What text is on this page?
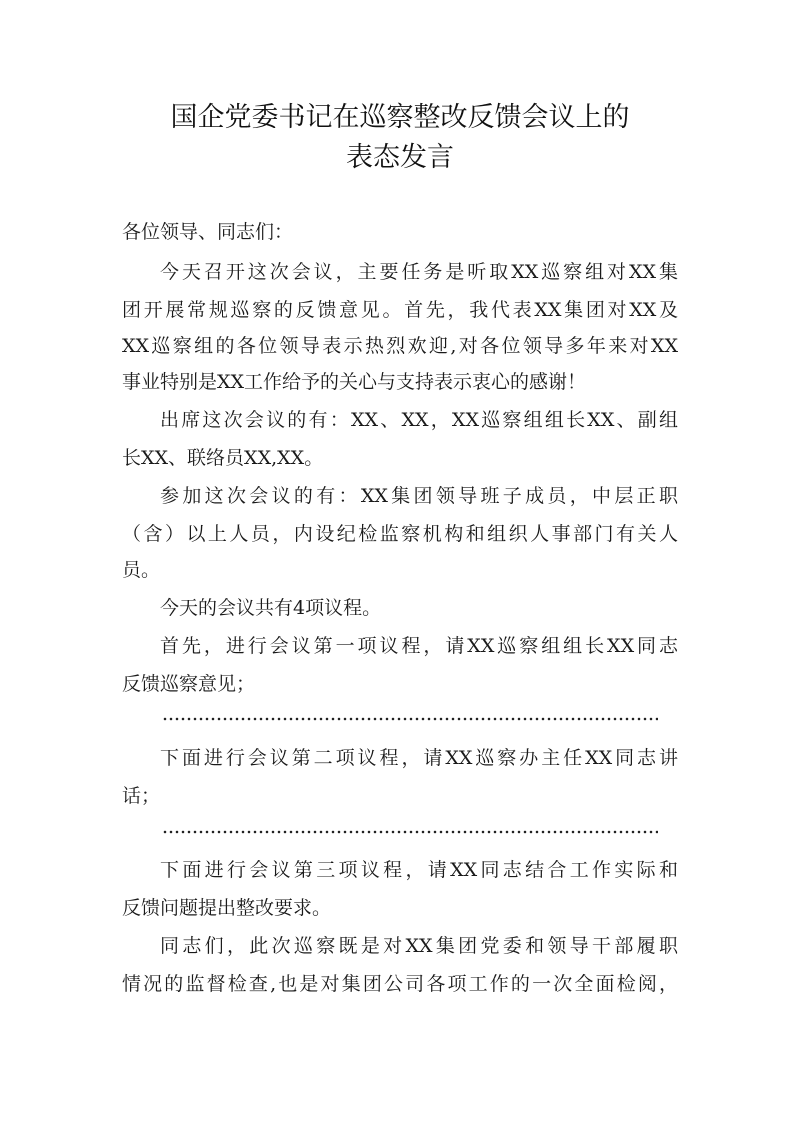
国企党委书记在巡察整改反馈会议上的
表态发言
各位领导、同志们：
今天召开这次会议，主要任务是听取XX巡察组对XX集
团开展常规巡察的反馈意见。首先，我代表XX集团对XX及
XX巡察组的各位领导表示热烈欢迎,对各位领导多年来对XX
事业特别是XX工作给予的关心与支持表示衷心的感谢！
出席这次会议的有：XX、XX，XX巡察组组长XX、副组
长XX、联络员XX,XX。
参加这次会议的有：XX集团领导班子成员，中层正职
（含）以上人员，内设纪检监察机构和组织人事部门有关人
员。
今天的会议共有4项议程。
首先，进行会议第一项议程，请XX巡察组组长XX同志
反馈巡察意见；
下面进行会议第二项议程，请XX巡察办主任XX同志讲
话；
下面进行会议第三项议程，请XX同志结合工作实际和
反馈问题提出整改要求。
同志们，此次巡察既是对XX集团党委和领导干部履职
情况的监督检查,也是对集团公司各项工作的一次全面检阅，
